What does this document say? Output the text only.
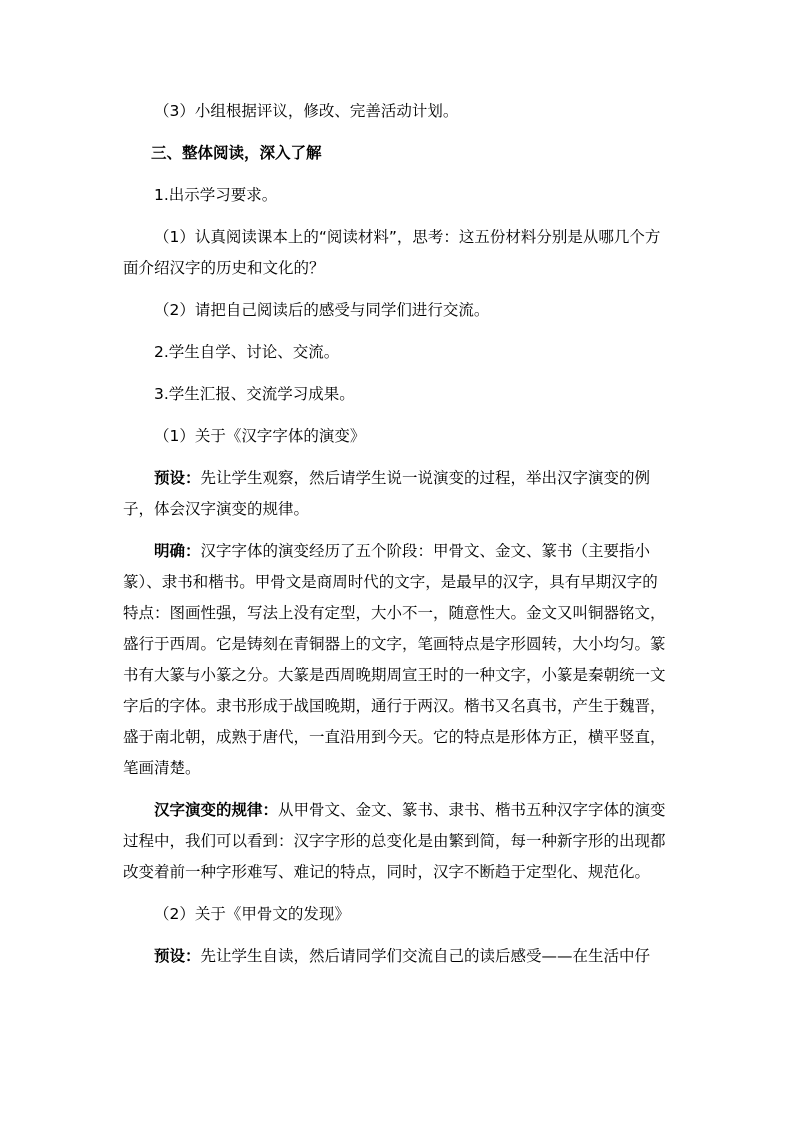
（3）小组根据评议，修改、完善活动计划。

三、整体阅读，深入了解

1.出示学习要求。

（1）认真阅读课本上的“阅读材料”，思考：这五份材料分别是从哪几个方面介绍汉字的历史和文化的？

（2）请把自己阅读后的感受与同学们进行交流。

2.学生自学、讨论、交流。

3.学生汇报、交流学习成果。

（1）关于《汉字字体的演变》

预设：先让学生观察，然后请学生说一说演变的过程，举出汉字演变的例子，体会汉字演变的规律。

明确：汉字字体的演变经历了五个阶段：甲骨文、金文、篆书（主要指小篆）、隶书和楷书。甲骨文是商周时代的文字，是最早的汉字，具有早期汉字的特点：图画性强，写法上没有定型，大小不一，随意性大。金文又叫铜器铭文，盛行于西周。它是铸刻在青铜器上的文字，笔画特点是字形圆转，大小均匀。篆书有大篆与小篆之分。大篆是西周晚期周宣王时的一种文字，小篆是秦朝统一文字后的字体。隶书形成于战国晚期，通行于两汉。楷书又名真书，产生于魏晋，盛于南北朝，成熟于唐代，一直沿用到今天。它的特点是形体方正，横平竖直，笔画清楚。

汉字演变的规律：从甲骨文、金文、篆书、隶书、楷书五种汉字字体的演变过程中，我们可以看到：汉字字形的总变化是由繁到简，每一种新字形的出现都改变着前一种字形难写、难记的特点，同时，汉字不断趋于定型化、规范化。

（2）关于《甲骨文的发现》

预设：先让学生自读，然后请同学们交流自己的读后感受——在生活中仔
